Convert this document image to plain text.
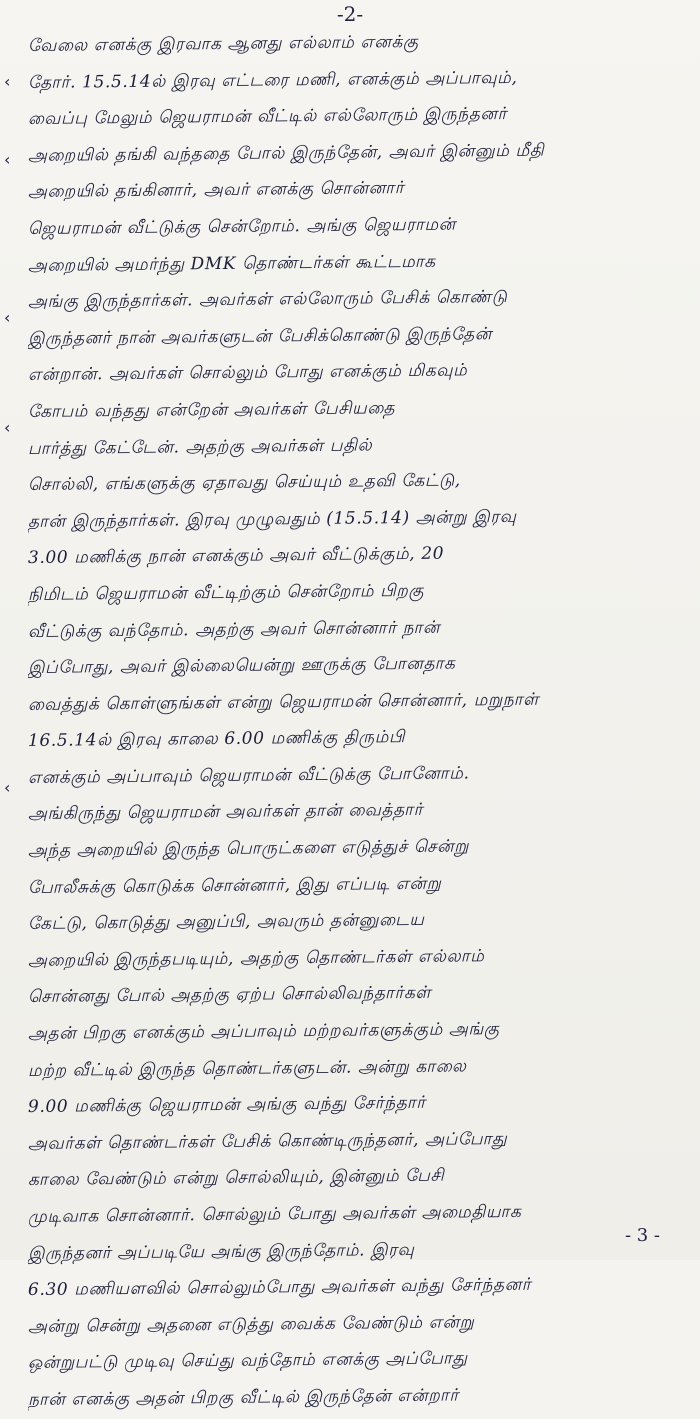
-2-
வேலை எனக்கு இரவாக ஆனது எல்லாம் எனக்கு
தோர். 15.5.14ல் இரவு எட்டரை மணி, எனக்கும் அப்பாவும்,
வைப்பு மேலும் ஜெயராமன் வீட்டில் எல்லோரும் இருந்தனர்
அறையில் தங்கி வந்ததை போல் இருந்தேன், அவர் இன்னும் மீதி
அறையில் தங்கினார், அவர் எனக்கு சொன்னார்
ஜெயராமன் வீட்டுக்கு சென்றோம். அங்கு ஜெயராமன்
அறையில் அமர்ந்து DMK தொண்டர்கள் கூட்டமாக
அங்கு இருந்தார்கள். அவர்கள் எல்லோரும் பேசிக் கொண்டு
இருந்தனர் நான் அவர்களுடன் பேசிக்கொண்டு இருந்தேன்
என்றான். அவர்கள் சொல்லும் போது எனக்கும் மிகவும்
கோபம் வந்தது என்றேன் அவர்கள் பேசியதை
பார்த்து கேட்டேன். அதற்கு அவர்கள் பதில்
சொல்லி, எங்களுக்கு ஏதாவது செய்யும் உதவி கேட்டு,
தான் இருந்தார்கள். இரவு முழுவதும் (15.5.14) அன்று இரவு
3.00 மணிக்கு நான் எனக்கும் அவர் வீட்டுக்கும், 20
நிமிடம் ஜெயராமன் வீட்டிற்கும் சென்றோம் பிறகு
வீட்டுக்கு வந்தோம். அதற்கு அவர் சொன்னார் நான்
இப்போது, அவர் இல்லையென்று ஊருக்கு போனதாக
வைத்துக் கொள்ளுங்கள் என்று ஜெயராமன் சொன்னார், மறுநாள்
16.5.14ல் இரவு காலை 6.00 மணிக்கு திரும்பி
எனக்கும் அப்பாவும் ஜெயராமன் வீட்டுக்கு போனோம்.
அங்கிருந்து ஜெயராமன் அவர்கள் தான் வைத்தார்
அந்த அறையில் இருந்த பொருட்களை எடுத்துச் சென்று
போலீசுக்கு கொடுக்க சொன்னார், இது எப்படி என்று
கேட்டு, கொடுத்து அனுப்பி, அவரும் தன்னுடைய
அறையில் இருந்தபடியும், அதற்கு தொண்டர்கள் எல்லாம்
சொன்னது போல் அதற்கு ஏற்ப சொல்லிவந்தார்கள்
அதன் பிறகு எனக்கும் அப்பாவும் மற்றவர்களுக்கும் அங்கு
மற்ற வீட்டில் இருந்த தொண்டர்களுடன். அன்று காலை
9.00 மணிக்கு ஜெயராமன் அங்கு வந்து சேர்ந்தார்
அவர்கள் தொண்டர்கள் பேசிக் கொண்டிருந்தனர், அப்போது
காலை வேண்டும் என்று சொல்லியும், இன்னும் பேசி
முடிவாக சொன்னார். சொல்லும் போது அவர்கள் அமைதியாக
இருந்தனர் அப்படியே அங்கு இருந்தோம். இரவு
6.30 மணியளவில் சொல்லும்போது அவர்கள் வந்து சேர்ந்தனர்
அன்று சென்று அதனை எடுத்து வைக்க வேண்டும் என்று
ஒன்றுபட்டு முடிவு செய்து வந்தோம் எனக்கு அப்போது
நான் எனக்கு அதன் பிறகு வீட்டில் இருந்தேன் என்றார்
‹
‹
‹
‹
‹
- 3 -
